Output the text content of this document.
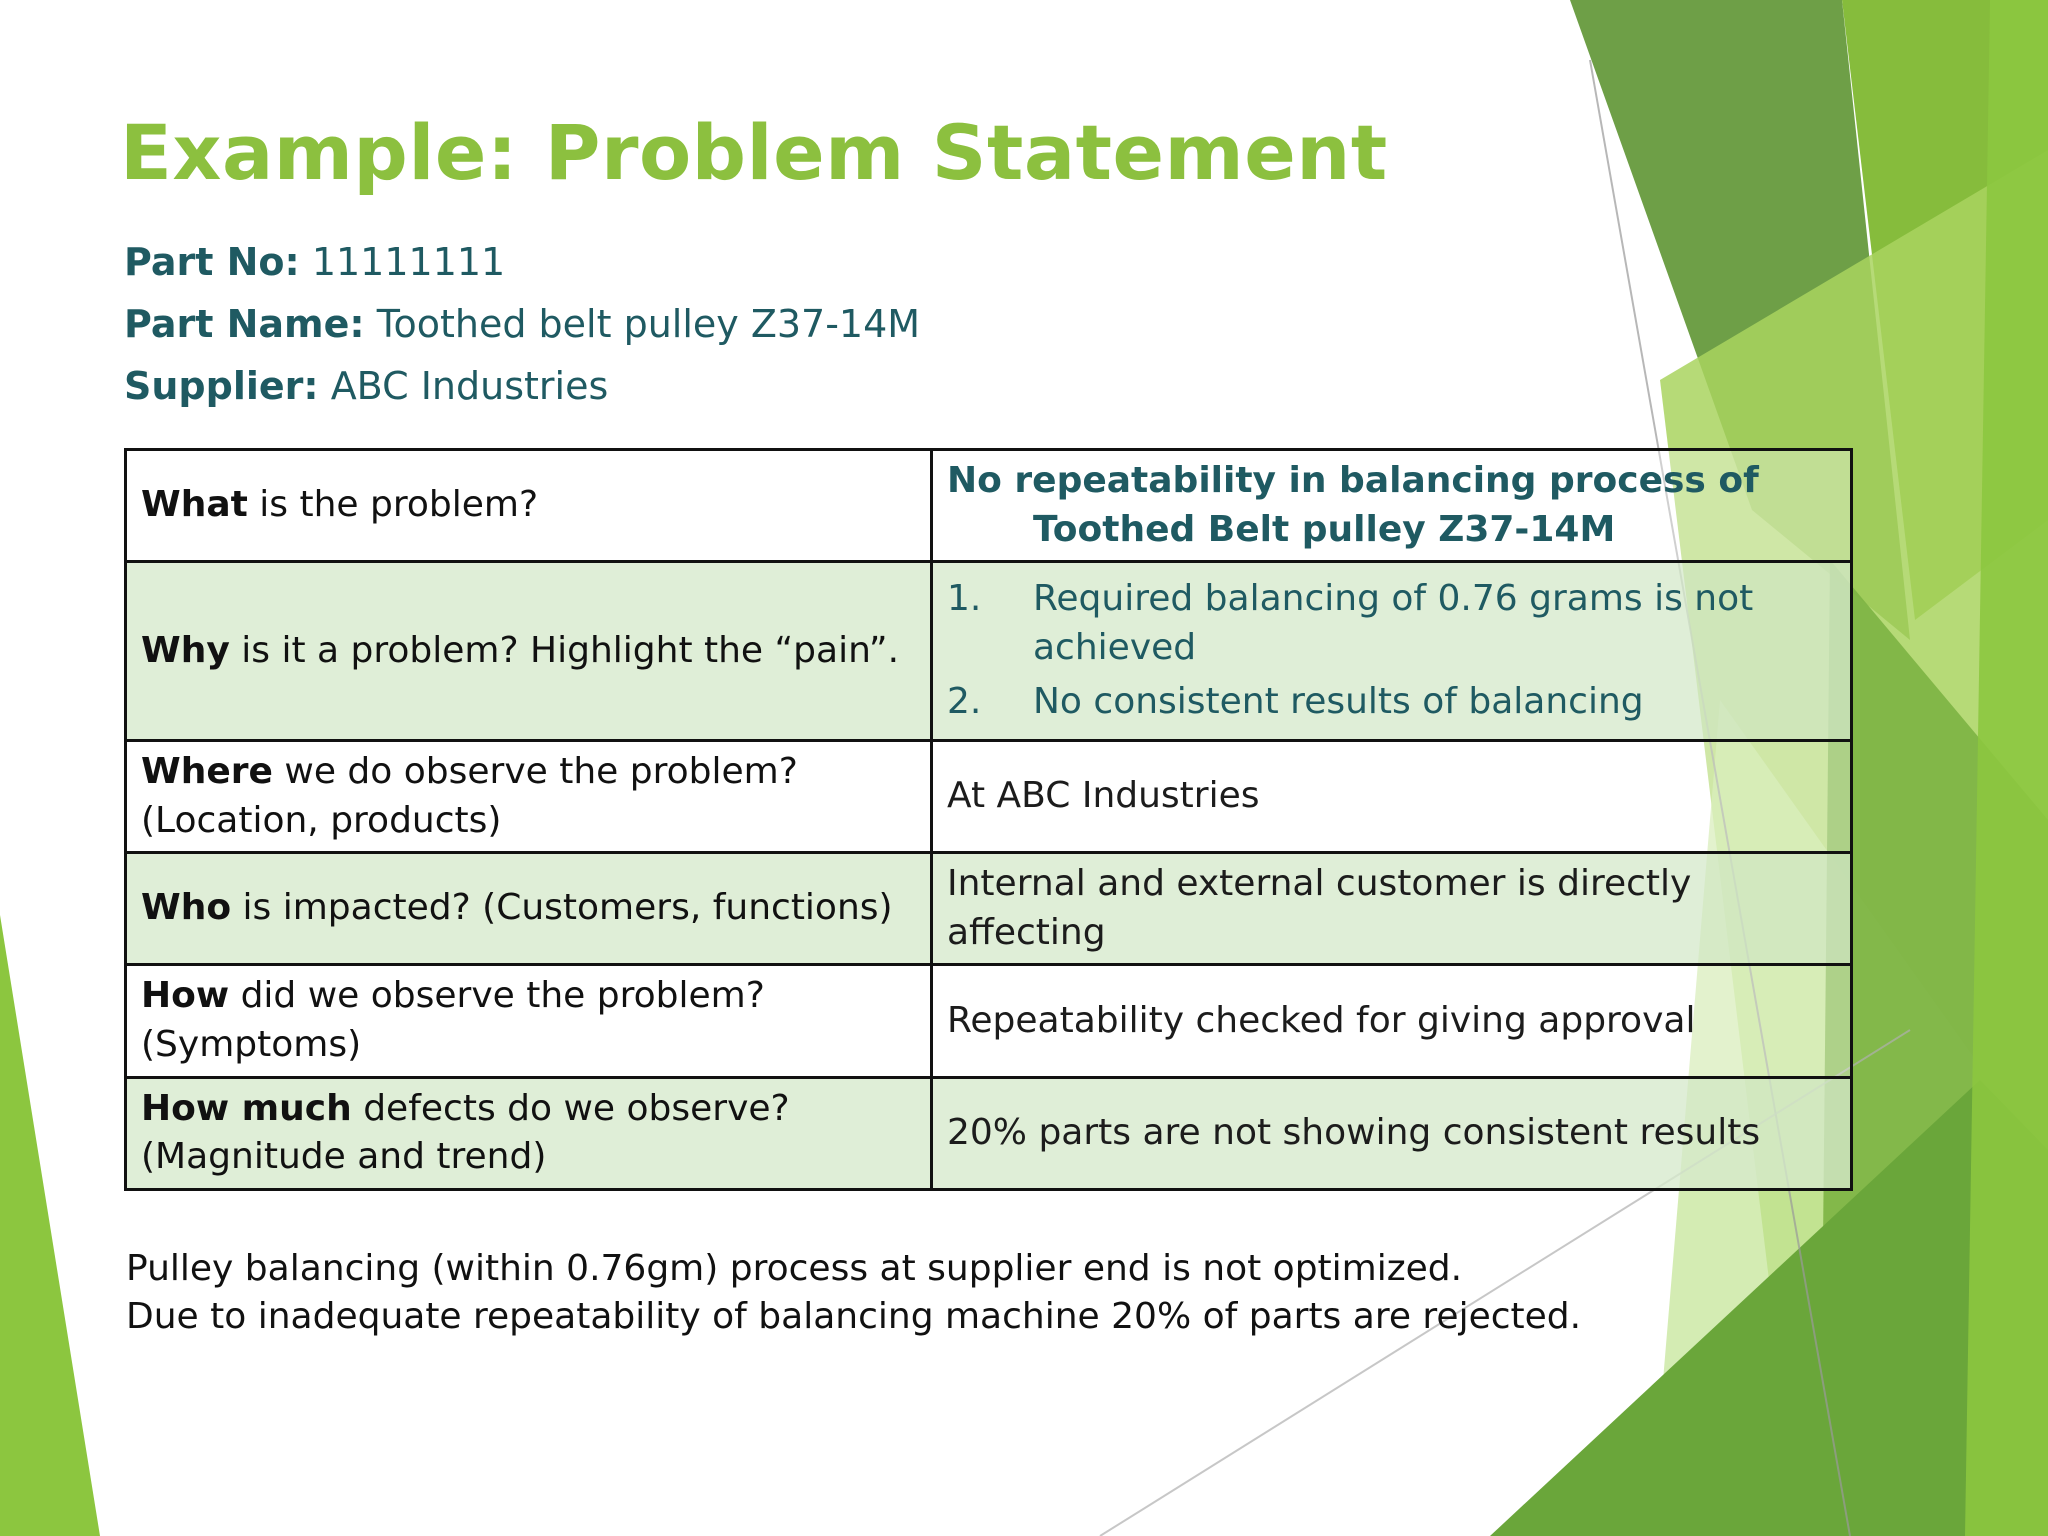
Example: Problem Statement
Part No: 11111111
Part Name: Toothed belt pulley Z37-14M
Supplier: ABC Industries
What is the problem?	No repeatability in balancing process of
Toothed Belt pulley Z37-14M

Why is it a problem? Highlight the “pain”.	1. Required balancing of 0.76 grams is not achieved
2. No consistent results of balancing

Where we do observe the problem?(Location, products)	At ABC Industries
Who is impacted? (Customers, functions)	Internal and external customer is directly affecting
How did we observe the problem? (Symptoms)	Repeatability checked for giving approval
How much defects do we observe? (Magnitude and trend)	20% parts are not showing consistent results
Pulley balancing (within 0.76gm) process at supplier end is not optimized.
Due to inadequate repeatability of balancing machine 20% of parts are rejected.
